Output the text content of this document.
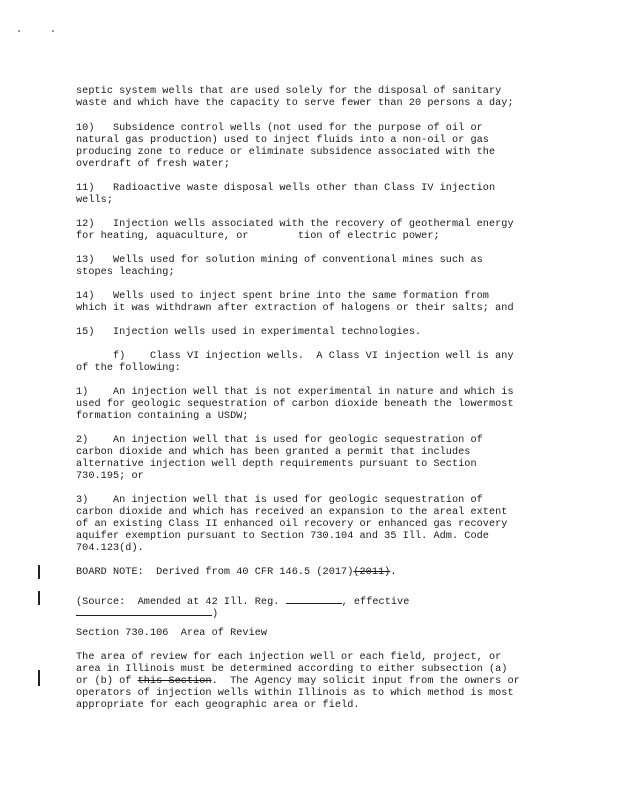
septic system wells that are used solely for the disposal of sanitary
waste and which have the capacity to serve fewer than 20 persons a day;
10)   Subsidence control wells (not used for the purpose of oil or
natural gas production) used to inject fluids into a non-oil or gas
producing zone to reduce or eliminate subsidence associated with the
overdraft of fresh water;
11)   Radioactive waste disposal wells other than Class IV injection
wells;
12)   Injection wells associated with the recovery of geothermal energy
for heating, aquaculture, or        tion of electric power;
13)   Wells used for solution mining of conventional mines such as
stopes leaching;
14)   Wells used to inject spent brine into the same formation from
which it was withdrawn after extraction of halogens or their salts; and
15)   Injection wells used in experimental technologies.
f)    Class VI injection wells.  A Class VI injection well is any
of the following:
1)    An injection well that is not experimental in nature and which is
used for geologic sequestration of carbon dioxide beneath the lowermost
formation containing a USDW;
2)    An injection well that is used for geologic sequestration of
carbon dioxide and which has been granted a permit that includes
alternative injection well depth requirements pursuant to Section
730.195; or
3)    An injection well that is used for geologic sequestration of
carbon dioxide and which has received an expansion to the areal extent
of an existing Class II enhanced oil recovery or enhanced gas recovery
aquifer exemption pursuant to Section 730.104 and 35 Ill. Adm. Code
704.123(d).
BOARD NOTE:  Derived from 40 CFR 146.5 (2017)(2011).
(Source:  Amended at 42 Ill. Reg.	, effective
)
Section 730.106  Area of Review
The area of review for each injection well or each field, project, or
area in Illinois must be determined according to either subsection (a)
or (b) of this Section.  The Agency may solicit input from the owners or
operators of injection wells within Illinois as to which method is most
appropriate for each geographic area or field.
